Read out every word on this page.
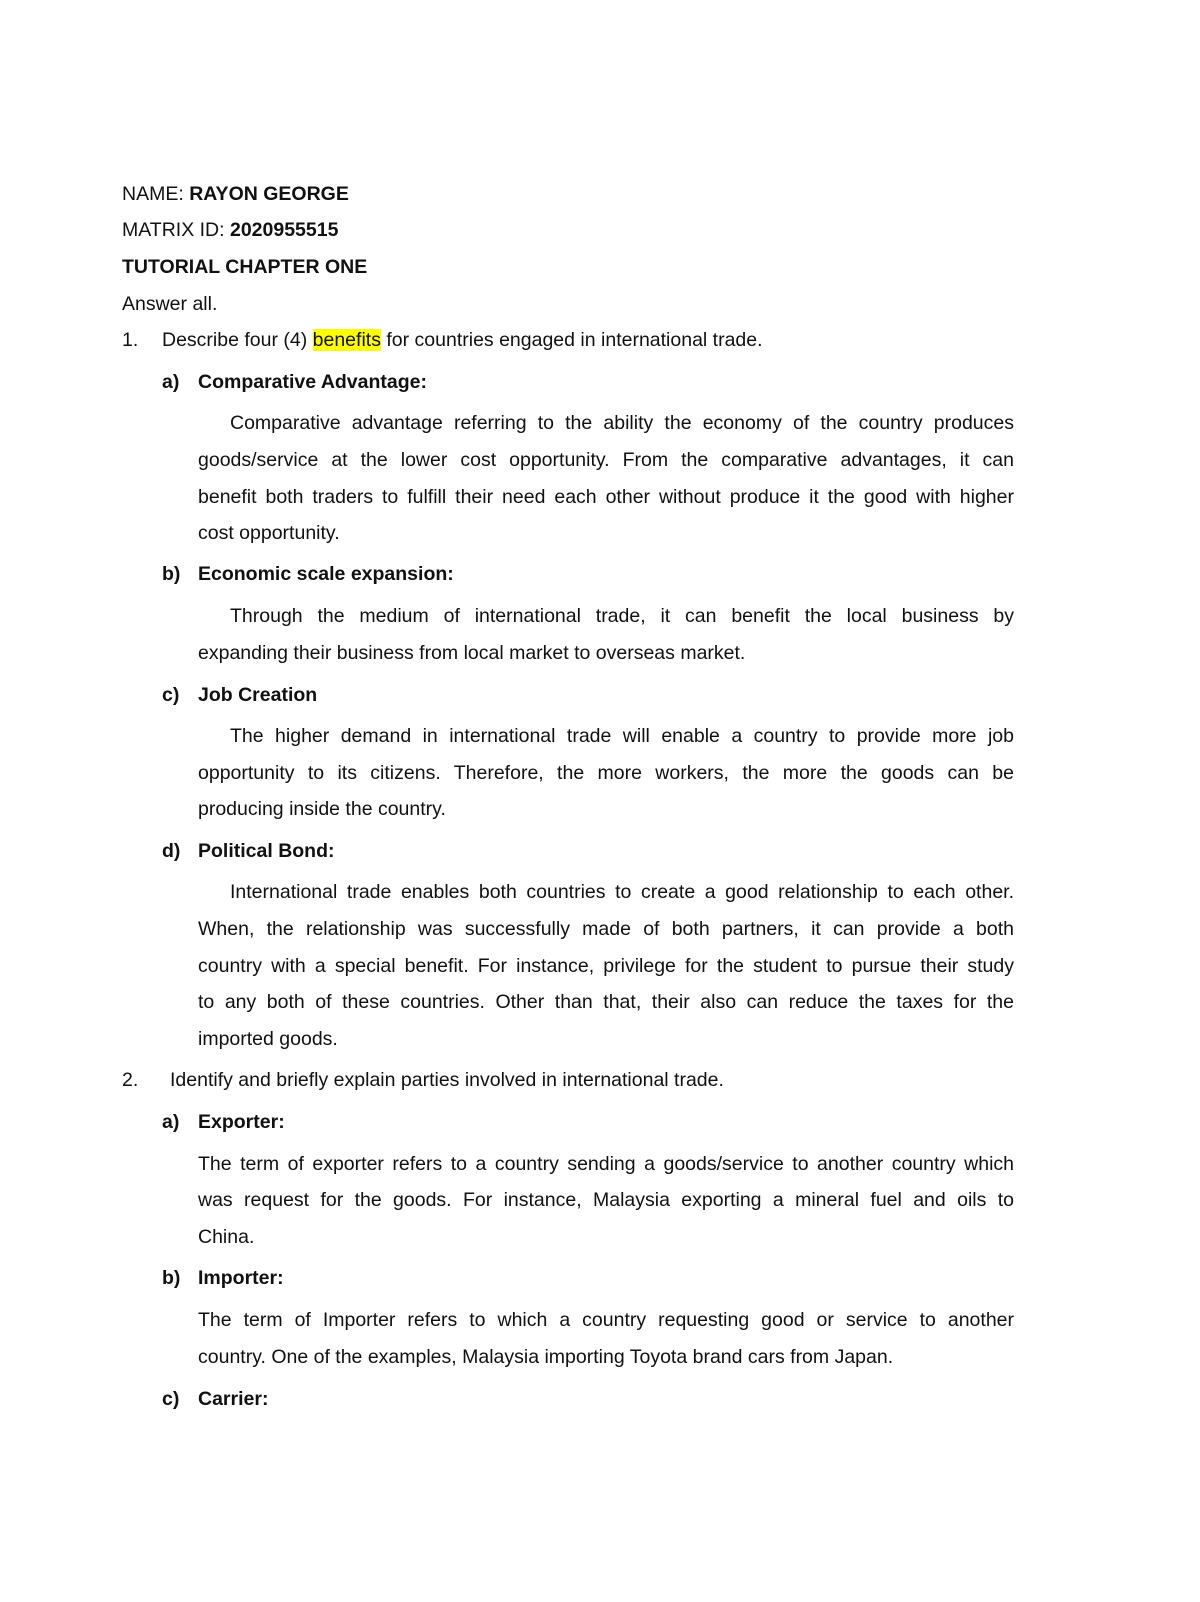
NAME: RAYON GEORGE
MATRIX ID: 2020955515
TUTORIAL CHAPTER ONE
Answer all.
1. Describe four (4) benefits for countries engaged in international trade.
a) Comparative Advantage:
Comparative advantage referring to the ability the economy of the country produces
goods/service at the lower cost opportunity. From the comparative advantages, it can
benefit both traders to fulfill their need each other without produce it the good with higher
cost opportunity.
b) Economic scale expansion:
Through the medium of international trade, it can benefit the local business by
expanding their business from local market to overseas market.
c) Job Creation
The higher demand in international trade will enable a country to provide more job
opportunity to its citizens. Therefore, the more workers, the more the goods can be
producing inside the country.
d) Political Bond:
International trade enables both countries to create a good relationship to each other.
When, the relationship was successfully made of both partners, it can provide a both
country with a special benefit. For instance, privilege for the student to pursue their study
to any both of these countries. Other than that, their also can reduce the taxes for the
imported goods.
2. Identify and briefly explain parties involved in international trade.
a) Exporter:
The term of exporter refers to a country sending a goods/service to another country which
was request for the goods. For instance, Malaysia exporting a mineral fuel and oils to
China.
b) Importer:
The term of Importer refers to which a country requesting good or service to another
country. One of the examples, Malaysia importing Toyota brand cars from Japan.
c) Carrier:
